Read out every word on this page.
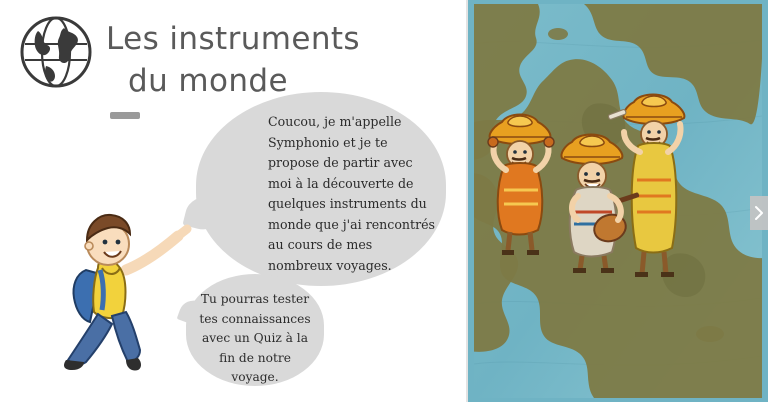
Les instruments
du monde
Coucou, je m'appelle Symphonio et je te propose de partir avec moi à la découverte de quelques instruments du monde que j'ai rencontrés au cours de mes nombreux voyages.
Tu pourras tester tes connaissances avec un Quiz à la fin de notre voyage.
